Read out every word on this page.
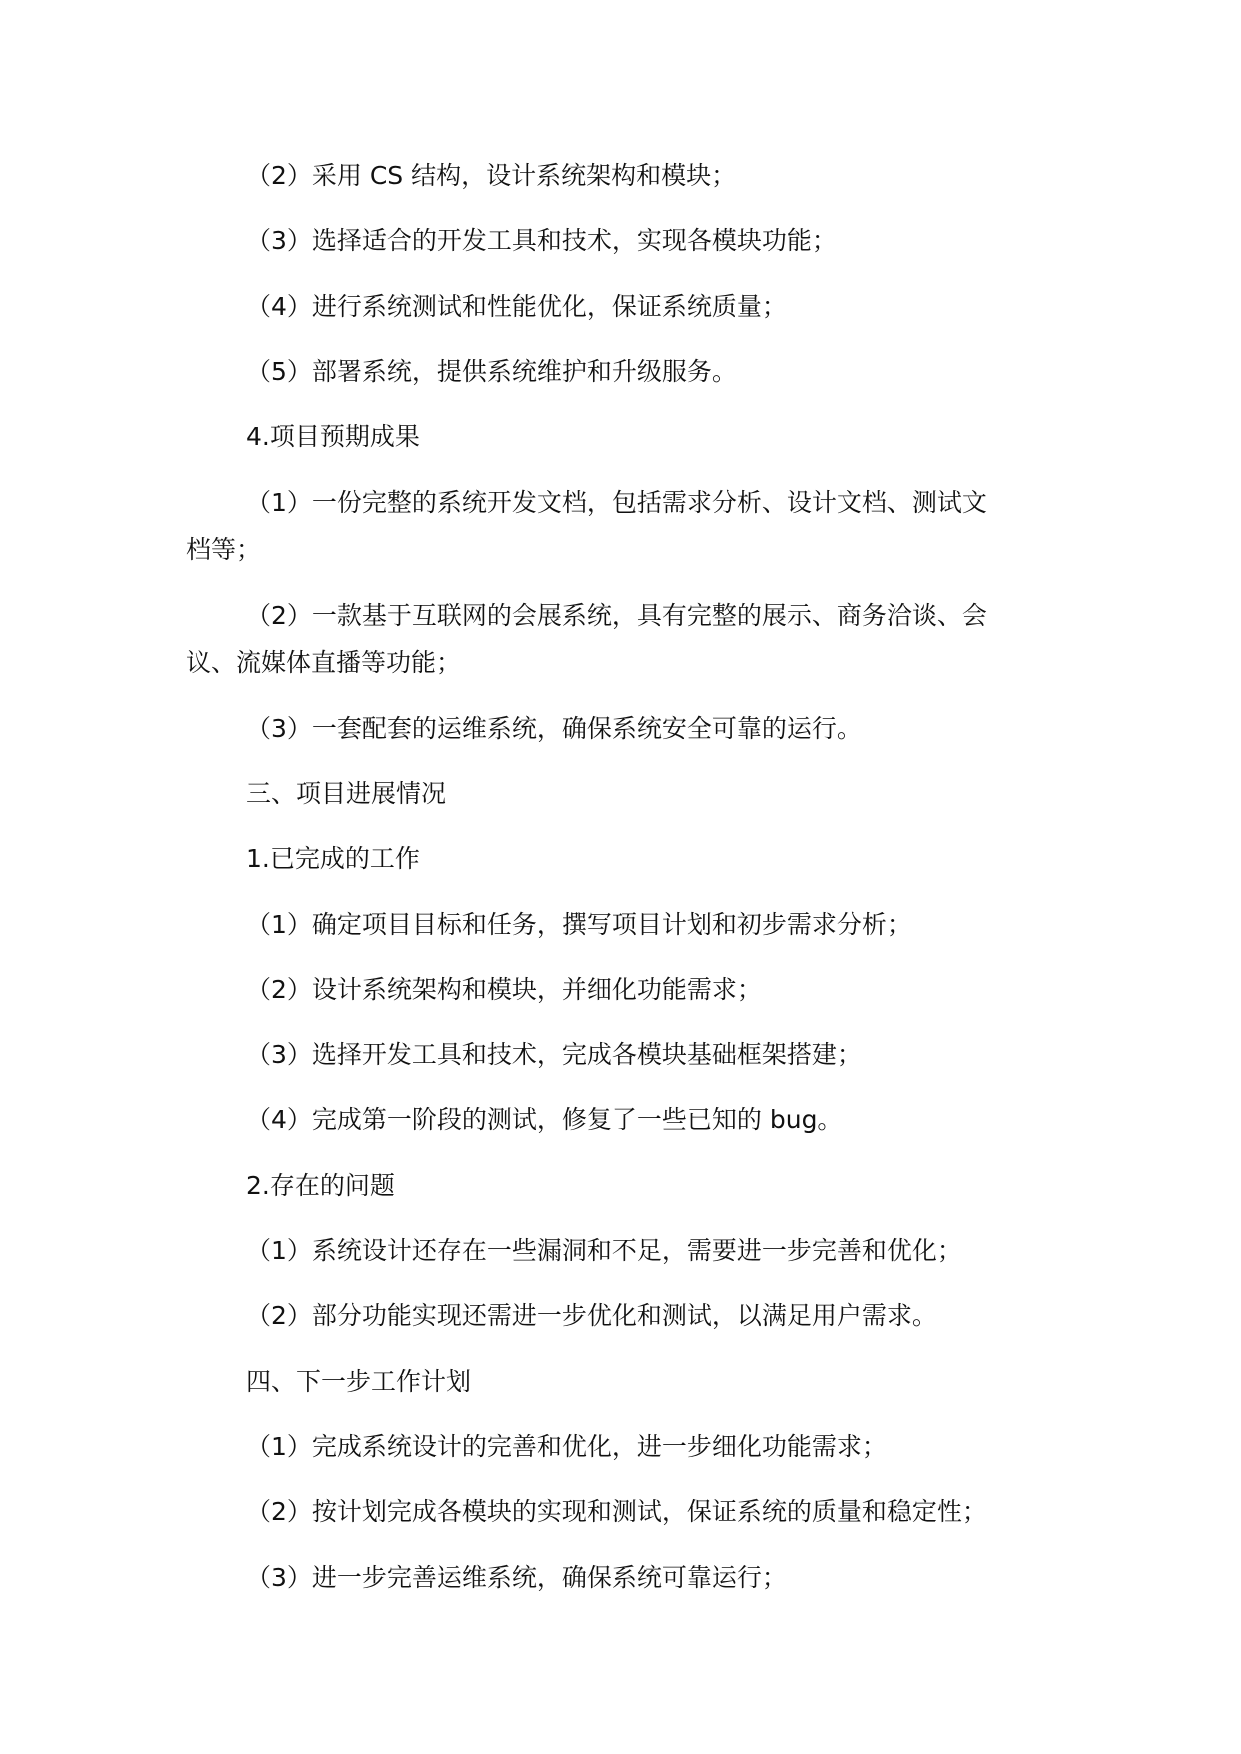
（2）采用 CS 结构，设计系统架构和模块；
（3）选择适合的开发工具和技术，实现各模块功能；
（4）进行系统测试和性能优化，保证系统质量；
（5）部署系统，提供系统维护和升级服务。
4.项目预期成果
（1）一份完整的系统开发文档，包括需求分析、设计文档、测试文
档等；
（2）一款基于互联网的会展系统，具有完整的展示、商务洽谈、会
议、流媒体直播等功能；
（3）一套配套的运维系统，确保系统安全可靠的运行。
三、项目进展情况
1.已完成的工作
（1）确定项目目标和任务，撰写项目计划和初步需求分析；
（2）设计系统架构和模块，并细化功能需求；
（3）选择开发工具和技术，完成各模块基础框架搭建；
（4）完成第一阶段的测试，修复了一些已知的 bug。
2.存在的问题
（1）系统设计还存在一些漏洞和不足，需要进一步完善和优化；
（2）部分功能实现还需进一步优化和测试，以满足用户需求。
四、下一步工作计划
（1）完成系统设计的完善和优化，进一步细化功能需求；
（2）按计划完成各模块的实现和测试，保证系统的质量和稳定性；
（3）进一步完善运维系统，确保系统可靠运行；
